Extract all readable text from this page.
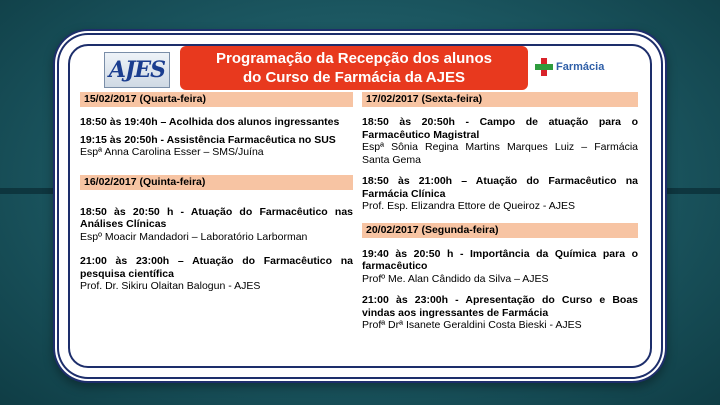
AJES	Programação da Recepção dos alunos
do Curso de Farmácia da AJES
Farmácia
15/02/2017 (Quarta-feira)
18:50 às 19:40h – Acolhida dos alunos ingressantes
19:15 às 20:50h - Assistência Farmacêutica no SUS
Espª Anna Carolina Esser – SMS/Juína
16/02/2017 (Quinta-feira)
18:50 às 20:50 h - Atuação do Farmacêutico nas Análises Clínicas
Espº Moacir Mandadori – Laboratório Larborman
21:00 às 23:00h – Atuação do Farmacêutico na pesquisa científica
Prof. Dr. Sikiru Olaitan Balogun - AJES
17/02/2017 (Sexta-feira)
18:50 às 20:50h - Campo de atuação para o Farmacêutico Magistral
Espª Sônia Regina Martins Marques Luiz – Farmácia Santa Gema
18:50 às 21:00h – Atuação do Farmacêutico na Farmácia Clínica
Prof. Esp. Elizandra Ettore de Queiroz - AJES
20/02/2017 (Segunda-feira)
19:40 às 20:50 h - Importância da Química para o farmacêutico
Profº Me. Alan Cândido da Silva – AJES
21:00 às 23:00h - Apresentação do Curso e Boas vindas aos ingressantes de Farmácia
Profª Drª Isanete Geraldini Costa Bieski - AJES
